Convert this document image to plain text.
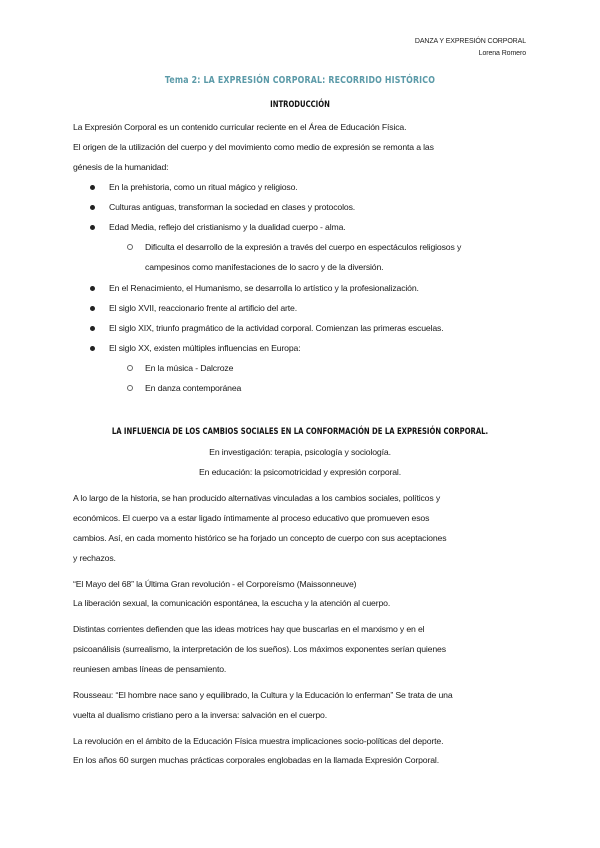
DANZA Y EXPRESIÓN CORPORAL
Lorena Romero
Tema 2: LA EXPRESIÓN CORPORAL: RECORRIDO HISTÓRICO
INTRODUCCIÓN
La Expresión Corporal es un contenido curricular reciente en el Área de Educación Física.
El origen de la utilización del cuerpo y del movimiento como medio de expresión se remonta a las
génesis de la humanidad:
En la prehistoria, como un ritual mágico y religioso.
Culturas antiguas, transforman la sociedad en clases y protocolos.
Edad Media, reflejo del cristianismo y la dualidad cuerpo - alma.
Dificulta el desarrollo de la expresión a través del cuerpo en espectáculos religiosos y
campesinos como manifestaciones de lo sacro y de la diversión.
En el Renacimiento, el Humanismo, se desarrolla lo artístico y la profesionalización.
El siglo XVII, reaccionario frente al artificio del arte.
El siglo XIX, triunfo pragmático de la actividad corporal. Comienzan las primeras escuelas.
El siglo XX, existen múltiples influencias en Europa:
En la música - Dalcroze
En danza contemporánea
LA INFLUENCIA DE LOS CAMBIOS SOCIALES EN LA CONFORMACIÓN DE LA EXPRESIÓN CORPORAL.
En investigación: terapia, psicología y sociología.
En educación: la psicomotricidad y expresión corporal.
A lo largo de la historia, se han producido alternativas vinculadas a los cambios sociales, políticos y
económicos. El cuerpo va a estar ligado íntimamente al proceso educativo que promueven esos
cambios. Así, en cada momento histórico se ha forjado un concepto de cuerpo con sus aceptaciones
y rechazos.
“El Mayo del 68” la Última Gran revolución - el Corporeísmo (Maissonneuve)
La liberación sexual, la comunicación espontánea, la escucha y la atención al cuerpo.
Distintas corrientes defienden que las ideas motrices hay que buscarlas en el marxismo y en el
psicoanálisis (surrealismo, la interpretación de los sueños). Los máximos exponentes serían quienes
reuniesen ambas líneas de pensamiento.
Rousseau: “El hombre nace sano y equilibrado, la Cultura y la Educación lo enferman” Se trata de una
vuelta al dualismo cristiano pero a la inversa: salvación en el cuerpo.
La revolución en el ámbito de la Educación Física muestra implicaciones socio-políticas del deporte.
En los años 60 surgen muchas prácticas corporales englobadas en la llamada Expresión Corporal.
